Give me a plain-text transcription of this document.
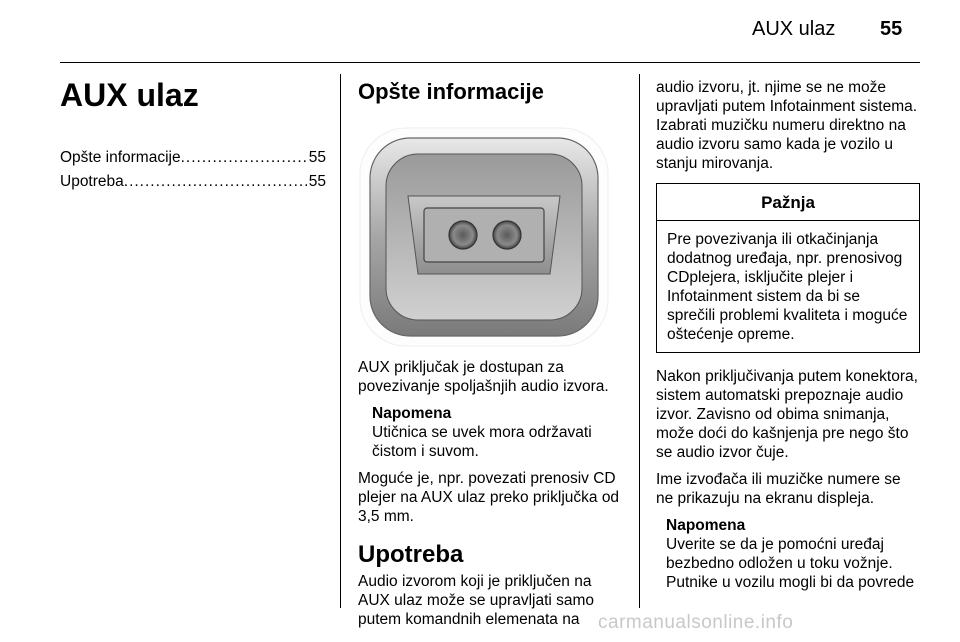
AUX ulaz 55
AUX ulaz
Opšte informacije .....	55
Upotreba .....	55
Opšte informacije

AUX priključak je dostupan za povezivanje spoljašnjih audio izvora.

Napomena
Utičnica se uvek mora održavati čistom i suvom.

Moguće je, npr. povezati prenosiv CD plejer na AUX ulaz preko priključka od 3,5 mm.

Upotreba

Audio izvorom koji je priključen na AUX ulaz može se upravljati samo putem komandnih elemenata na

audio izvoru, jt. njime se ne može upravljati putem Infotainment sistema. Izabrati muzičku numeru direktno na audio izvoru samo kada je vozilo u stanju mirovanja.

Pažnja
Pre povezivanja ili otkačinjanja dodatnog uređaja, npr. prenosivog CDplejera, isključite plejer i Infotainment sistem da bi se sprečili problemi kvaliteta i moguće oštećenje opreme.

Nakon priključivanja putem konektora, sistem automatski prepoznaje audio izvor. Zavisno od obima snimanja, može doći do kašnjenja pre nego što se audio izvor čuje.

Ime izvođača ili muzičke numere se ne prikazuju na ekranu displeja.

Napomena
Uverite se da je pomoćni uređaj bezbedno odložen u toku vožnje. Putnike u vozilu mogli bi da povrede
carmanualsonline.info
